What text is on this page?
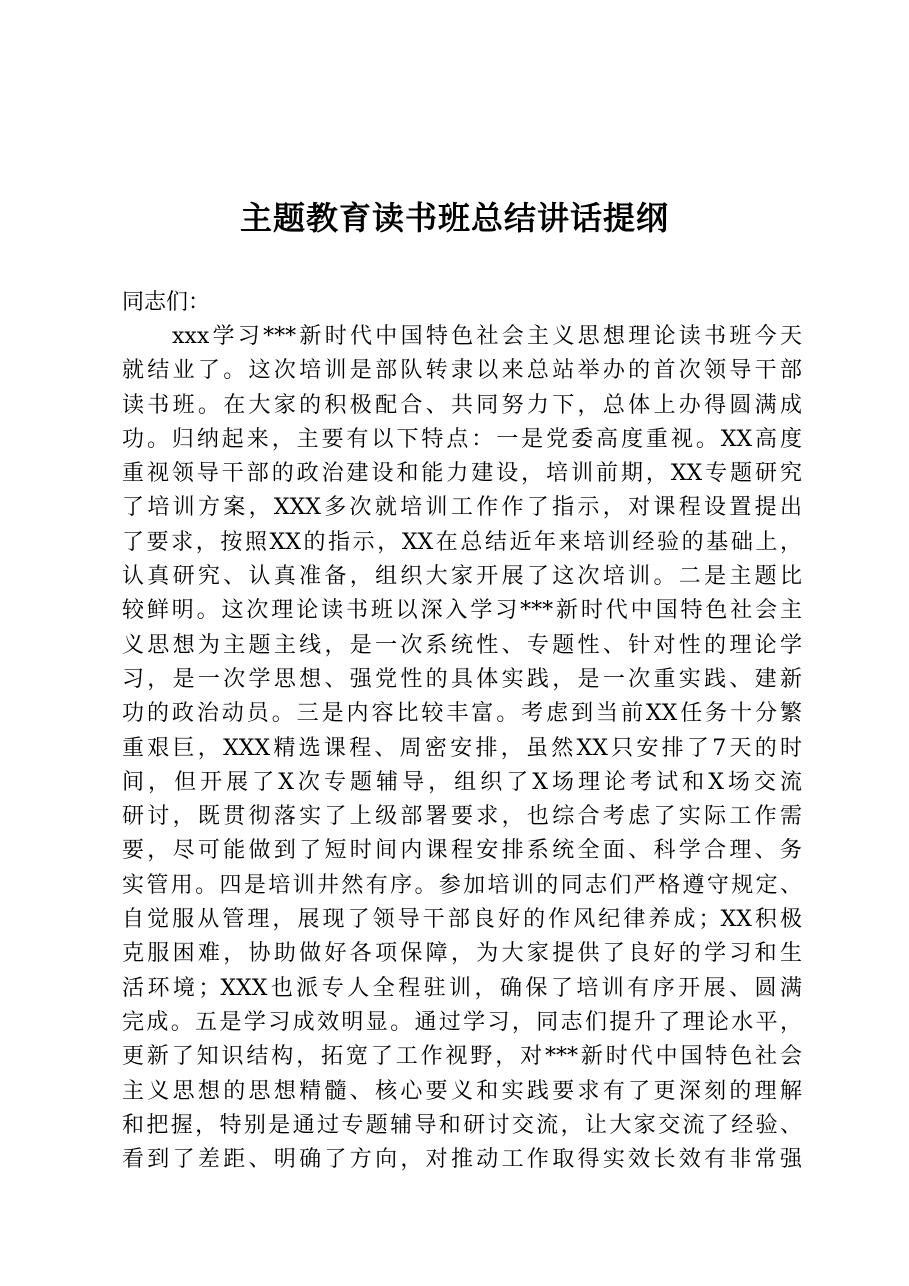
主题教育读书班总结讲话提纲
同志们：
xxx学习***新时代中国特色社会主义思想理论读书班今天
就结业了。这次培训是部队转隶以来总站举办的首次领导干部
读书班。在大家的积极配合、共同努力下，总体上办得圆满成
功。归纳起来，主要有以下特点：一是党委高度重视。XX高度
重视领导干部的政治建设和能力建设，培训前期，XX专题研究
了培训方案，XXX多次就培训工作作了指示，对课程设置提出
了要求，按照XX的指示，XX在总结近年来培训经验的基础上，
认真研究、认真准备，组织大家开展了这次培训。二是主题比
较鲜明。这次理论读书班以深入学习***新时代中国特色社会主
义思想为主题主线，是一次系统性、专题性、针对性的理论学
习，是一次学思想、强党性的具体实践，是一次重实践、建新
功的政治动员。三是内容比较丰富。考虑到当前XX任务十分繁
重艰巨，XXX精选课程、周密安排，虽然XX只安排了7天的时
间，但开展了X次专题辅导，组织了X场理论考试和X场交流
研讨，既贯彻落实了上级部署要求，也综合考虑了实际工作需
要，尽可能做到了短时间内课程安排系统全面、科学合理、务
实管用。四是培训井然有序。参加培训的同志们严格遵守规定、
自觉服从管理，展现了领导干部良好的作风纪律养成；XX积极
克服困难，协助做好各项保障，为大家提供了良好的学习和生
活环境；XXX也派专人全程驻训，确保了培训有序开展、圆满
完成。五是学习成效明显。通过学习，同志们提升了理论水平，
更新了知识结构，拓宽了工作视野，对***新时代中国特色社会
主义思想的思想精髓、核心要义和实践要求有了更深刻的理解
和把握，特别是通过专题辅导和研讨交流，让大家交流了经验、
看到了差距、明确了方向，对推动工作取得实效长效有非常强
